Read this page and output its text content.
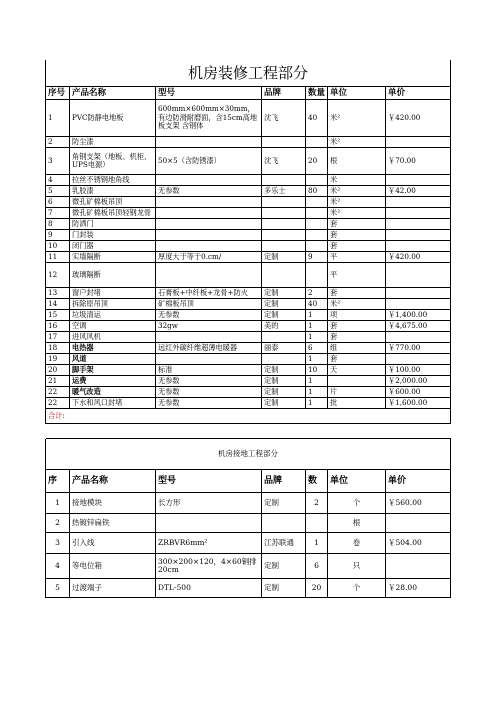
机房装修工程部分						
序号	产品名称	型号	品牌	数量	单位	单价
1	PVC防静电地板	600mm×600mm×30mm，有边防滑耐磨面，含15cm高地板支架 含钢体	沈飞	40	米²	￥420.00
2	防尘漆				米²	
3	角钢支架（地板、机柜、UPS电源）	50×5（含防锈漆）	沈飞	20	根	￥70.00
4	拉丝不锈钢地角线				米	
5	乳胶漆	无参数	多乐士	80	米²	￥42.00
6	微孔矿棉板吊顶				米²	
7	微孔矿棉板吊顶轻钢龙骨				米²	
8	防洒门				套	
9	门封装				套	
10	闭门器				套	
11	实墙隔断	厚度大于等于0.cm/	定制	9	平	￥420.00
12	玻璃隔断				平	
13	窗户封堵	石膏板+中纤板+龙骨+防火	定制	2	套	
14	拆除原吊顶	矿棉板吊顶	定制	40	米²	
15	垃圾清运	无参数	定制	1	项	￥1,400.00
16	空调	32gw	美的	1	套	￥4,675.00
17	进风风机			1	套	
18	电热器	远红外碳纤维超薄电暖器	丽泰	6	组	￥770.00
19	风道			1	套	
20	脚手架	标准	定制	10	天	￥100.00
21	运费	无参数	定制	1		￥2,000.00
22	暖气改造	无参数	定制	1	片	￥600.00
22	下水和风口封堵	无参数	定制	1	批	￥1,600.00
合计:						

机房接地工程部分						
序	产品名称	型号	品牌	数	单位	单价
1	接地模块	长方形	定制	2	个	￥560.00
2	热镀锌扁铁				根	
3	引入线	ZRBVR6mm²	江苏联通	1	卷	￥504.00
4	等电位箱	300×200×120，4×60铜排20cm	定制	6	只	
5	过渡端子	DTL-500	定制	20	个	￥28.00
